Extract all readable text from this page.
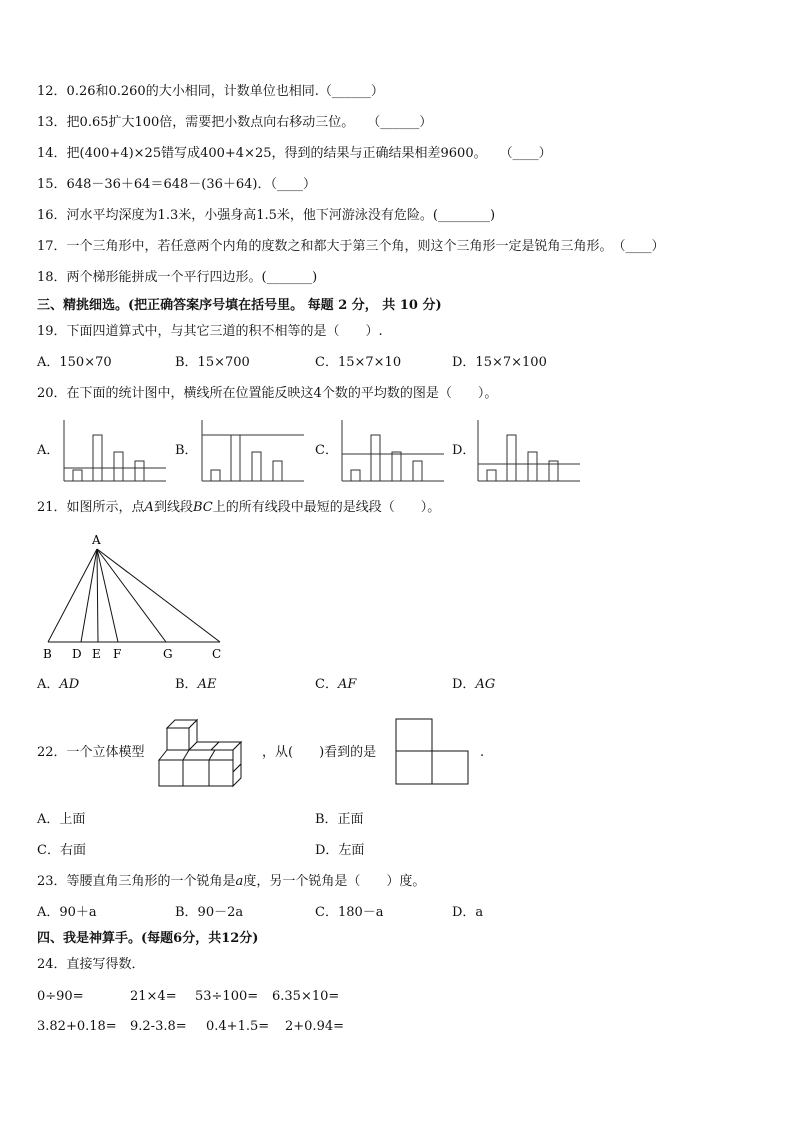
12．0.26和0.260的大小相同，计数单位也相同.（______）
13．把0.65扩大100倍，需要把小数点向右移动三位。　　（______）
14．把(400+4)×25错写成400+4×25，得到的结果与正确结果相差9600。　　（____）
15．648－36＋64＝648－(36＋64)．（____）
16．河水平均深度为1.3米，小强身高1.5米，他下河游泳没有危险。(________)
17．一个三角形中，若任意两个内角的度数之和都大于第三个角，则这个三角形一定是锐角三角形。　（____）
18．两个梯形能拼成一个平行四边形。(_______)
三、精挑细选。(把正确答案序号填在括号里。 每题 2 分， 共 10 分)
19．下面四道算式中，与其它三道的积不相等的是（　　）.
A．150×70	B．15×700	C．15×7×10	D．15×7×100
20．在下面的统计图中，横线所在位置能反映这4个数的平均数的图是（　　）。
A．	B．	C．	D．
21．如图所示，点A到线段BC上的所有线段中最短的是线段（　　）。
A
B D E F	G	C
A．AD	B．AE	C．AF	D．AG
22．一个立体模型	，从(　　)看到的是	.
A．上面	B．正面
C．右面	D．左面
23．等腰直角三角形的一个锐角是a度，另一个锐角是（　　）度。
A．90＋a	B．90－2a	C．180－a	D．a
四、我是神算手。(每题6分，共12分)
24．直接写得数．
0÷90=	21×4= 53÷100= 6.35×10=
3.82+0.18= 9.2-3.8= 0.4+1.5= 2+0.94=
